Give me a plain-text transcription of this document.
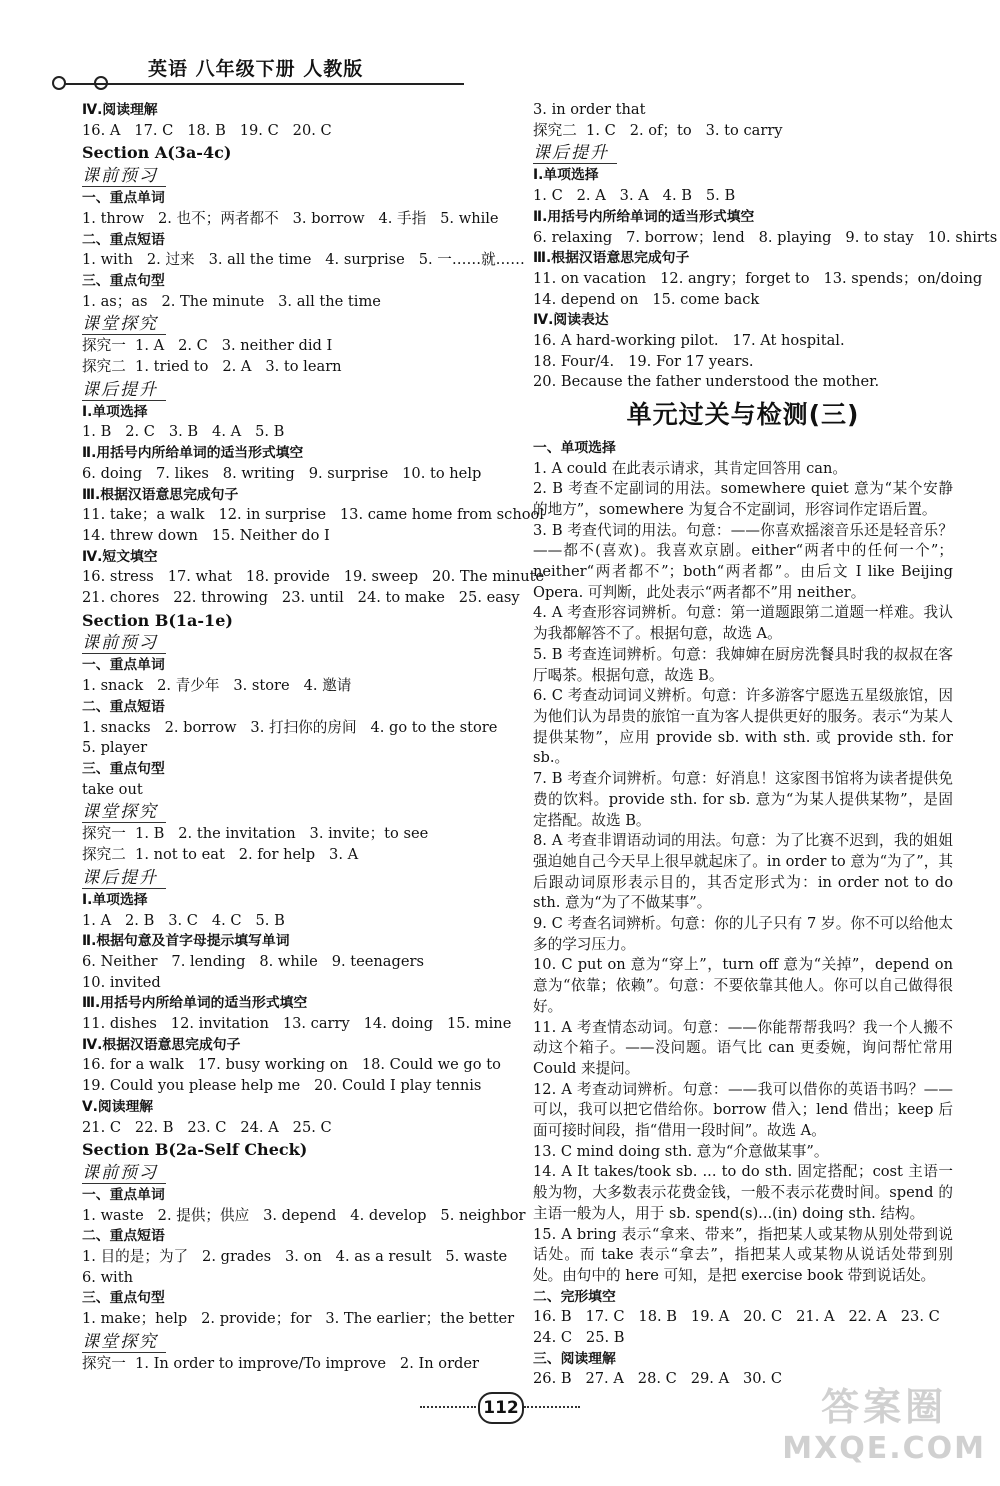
英语 八年级下册 人教版
Ⅳ.阅读理解
16. A   17. C   18. B   19. C   20. C
Section A(3a-4c)
课前预习
一、重点单词
1. throw   2. 也不；两者都不   3. borrow   4. 手指   5. while
二、重点短语
1. with   2. 过来   3. all the time   4. surprise   5. 一……就……
三、重点句型
1. as；as   2. The minute   3. all the time
课堂探究
探究一  1. A   2. C   3. neither did I
探究二  1. tried to   2. A   3. to learn
课后提升
Ⅰ.单项选择
1. B   2. C   3. B   4. A   5. B
Ⅱ.用括号内所给单词的适当形式填空
6. doing   7. likes   8. writing   9. surprise   10. to help
Ⅲ.根据汉语意思完成句子
11. take；a walk   12. in surprise   13. came home from school
14. threw down   15. Neither do I
Ⅳ.短文填空
16. stress   17. what   18. provide   19. sweep   20. The minute
21. chores   22. throwing   23. until   24. to make   25. easy
Section B(1a-1e)
课前预习
一、重点单词
1. snack   2. 青少年   3. store   4. 邀请
二、重点短语
1. snacks   2. borrow   3. 打扫你的房间   4. go to the store
5. player
三、重点句型
take out
课堂探究
探究一  1. B   2. the invitation   3. invite；to see
探究二  1. not to eat   2. for help   3. A
课后提升
Ⅰ.单项选择
1. A   2. B   3. C   4. C   5. B
Ⅱ.根据句意及首字母提示填写单词
6. Neither   7. lending   8. while   9. teenagers
10. invited
Ⅲ.用括号内所给单词的适当形式填空
11. dishes   12. invitation   13. carry   14. doing   15. mine
Ⅳ.根据汉语意思完成句子
16. for a walk   17. busy working on   18. Could we go to
19. Could you please help me   20. Could I play tennis
Ⅴ.阅读理解
21. C   22. B   23. C   24. A   25. C
Section B(2a-Self Check)
课前预习
一、重点单词
1. waste   2. 提供；供应   3. depend   4. develop   5. neighbor
二、重点短语
1. 目的是；为了   2. grades   3. on   4. as a result   5. waste
6. with
三、重点句型
1. make；help   2. provide；for   3. The earlier；the better
课堂探究
探究一  1. In order to improve/To improve   2. In order
3. in order that
探究二  1. C   2. of；to   3. to carry
课后提升
Ⅰ.单项选择
1. C   2. A   3. A   4. B   5. B
Ⅱ.用括号内所给单词的适当形式填空
6. relaxing   7. borrow；lend   8. playing   9. to stay   10. shirts
Ⅲ.根据汉语意思完成句子
11. on vacation   12. angry；forget to   13. spends；on/doing
14. depend on   15. come back
Ⅳ.阅读表达
16. A hard-working pilot.   17. At hospital.
18. Four/4.   19. For 17 years.
20. Because the father understood the mother.
单元过关与检测(三)
一、单项选择
1. A could 在此表示请求，其肯定回答用 can。
2. B 考查不定副词的用法。somewhere quiet 意为“某个安静的地方”，somewhere 为复合不定副词，形容词作定语后置。
3. B 考查代词的用法。句意：——你喜欢摇滚音乐还是轻音乐？——都不(喜欢)。我喜欢京剧。either“两者中的任何一个”；neither“两者都不”；both“两者都”。由后文 I like Beijing Opera. 可判断，此处表示“两者都不”用 neither。
4. A 考查形容词辨析。句意：第一道题跟第二道题一样难。我认为我都解答不了。根据句意，故选 A。
5. B 考查连词辨析。句意：我婶婶在厨房洗餐具时我的叔叔在客厅喝茶。根据句意，故选 B。
6. C 考查动词词义辨析。句意：许多游客宁愿选五星级旅馆，因为他们认为昂贵的旅馆一直为客人提供更好的服务。表示“为某人提供某物”，应用 provide sb. with sth. 或 provide sth. for sb.。
7. B 考查介词辨析。句意：好消息！这家图书馆将为读者提供免费的饮料。provide sth. for sb. 意为“为某人提供某物”，是固定搭配。故选 B。
8. A 考查非谓语动词的用法。句意：为了比赛不迟到，我的姐姐强迫她自己今天早上很早就起床了。in order to 意为“为了”，其后跟动词原形表示目的，其否定形式为：in order not to do sth. 意为“为了不做某事”。
9. C 考查名词辨析。句意：你的儿子只有 7 岁。你不可以给他太多的学习压力。
10. C put on 意为“穿上”，turn off 意为“关掉”，depend on 意为“依靠；依赖”。句意：不要依靠其他人。你可以自己做得很好。
11. A 考查情态动词。句意：——你能帮帮我吗？我一个人搬不动这个箱子。——没问题。语气比 can 更委婉，询问帮忙常用 Could 来提问。
12. A 考查动词辨析。句意：——我可以借你的英语书吗？——可以，我可以把它借给你。borrow 借入；lend 借出；keep 后面可接时间段，指“借用一段时间”。故选 A。
13. C mind doing sth. 意为“介意做某事”。
14. A It takes/took sb. ... to do sth. 固定搭配；cost 主语一般为物，大多数表示花费金钱，一般不表示花费时间。spend 的主语一般为人，用于 sb. spend(s)...(in) doing sth. 结构。
15. A bring 表示“拿来、带来”，指把某人或某物从别处带到说话处。而 take 表示“拿去”，指把某人或某物从说话处带到别处。由句中的 here 可知，是把 exercise book 带到说话处。
二、完形填空
16. B   17. C   18. B   19. A   20. C   21. A   22. A   23. C
24. C   25. B
三、阅读理解
26. B   27. A   28. C   29. A   30. C
112	答案圈
MXQE.COM
